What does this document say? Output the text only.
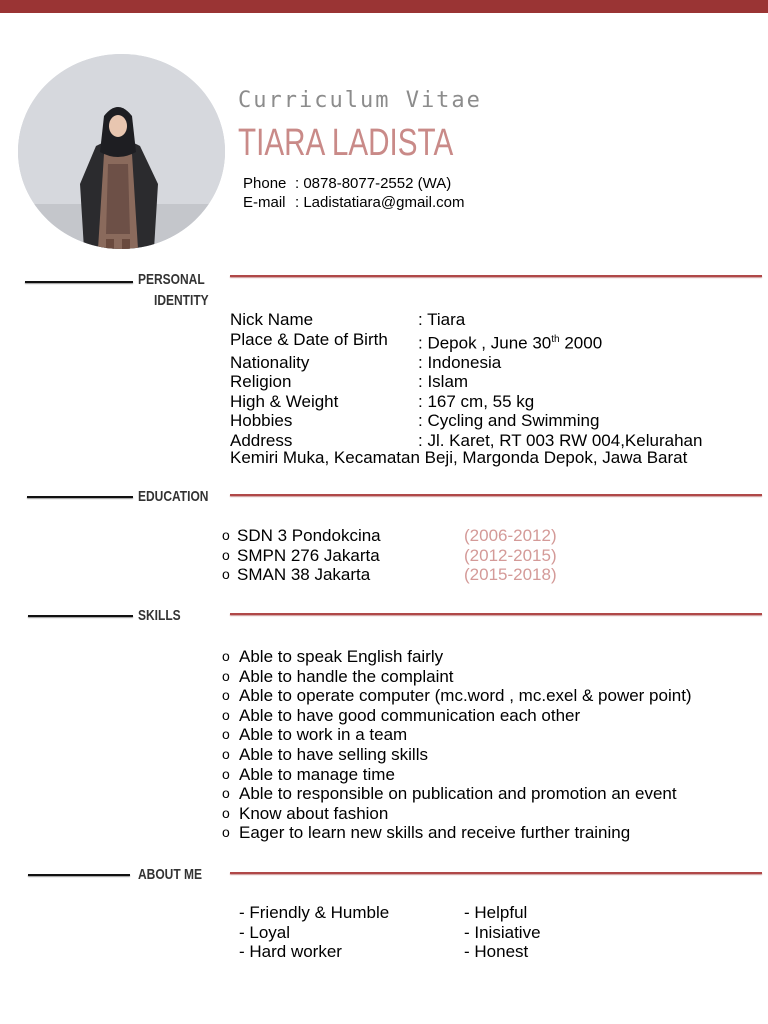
Curriculum Vitae
TIARA LADISTA
Phone : 0878-8077-2552 (WA)
E-mail : Ladistatiara@gmail.com
PERSONAL
IDENTITY
Nick Name	: Tiara
Place & Date of Birth	: Depok , June 30th 2000
Nationality	: Indonesia
Religion	: Islam
High & Weight	: 167 cm, 55 kg
Hobbies	: Cycling and Swimming
Address	: Jl. Karet, RT 003 RW 004,Kelurahan
Kemiri Muka, Kecamatan Beji, Margonda Depok, Jawa Barat
EDUCATION
o SDN 3 Pondokcina	(2006-2012)
o SMPN 276 Jakarta	(2012-2015)
o SMAN 38 Jakarta	(2015-2018)
SKILLS
o Able to speak English fairly
o Able to handle the complaint
o Able to operate computer (mc.word , mc.exel & power point)
o Able to have good communication each other
o Able to work in a team
o Able to have selling skills
o Able to manage time
o Able to responsible on publication and promotion an event
o Know about fashion
o Eager to learn new skills and receive further training
ABOUT ME
- Friendly & Humble
- Loyal
- Hard worker
- Helpful
- Inisiative
- Honest
